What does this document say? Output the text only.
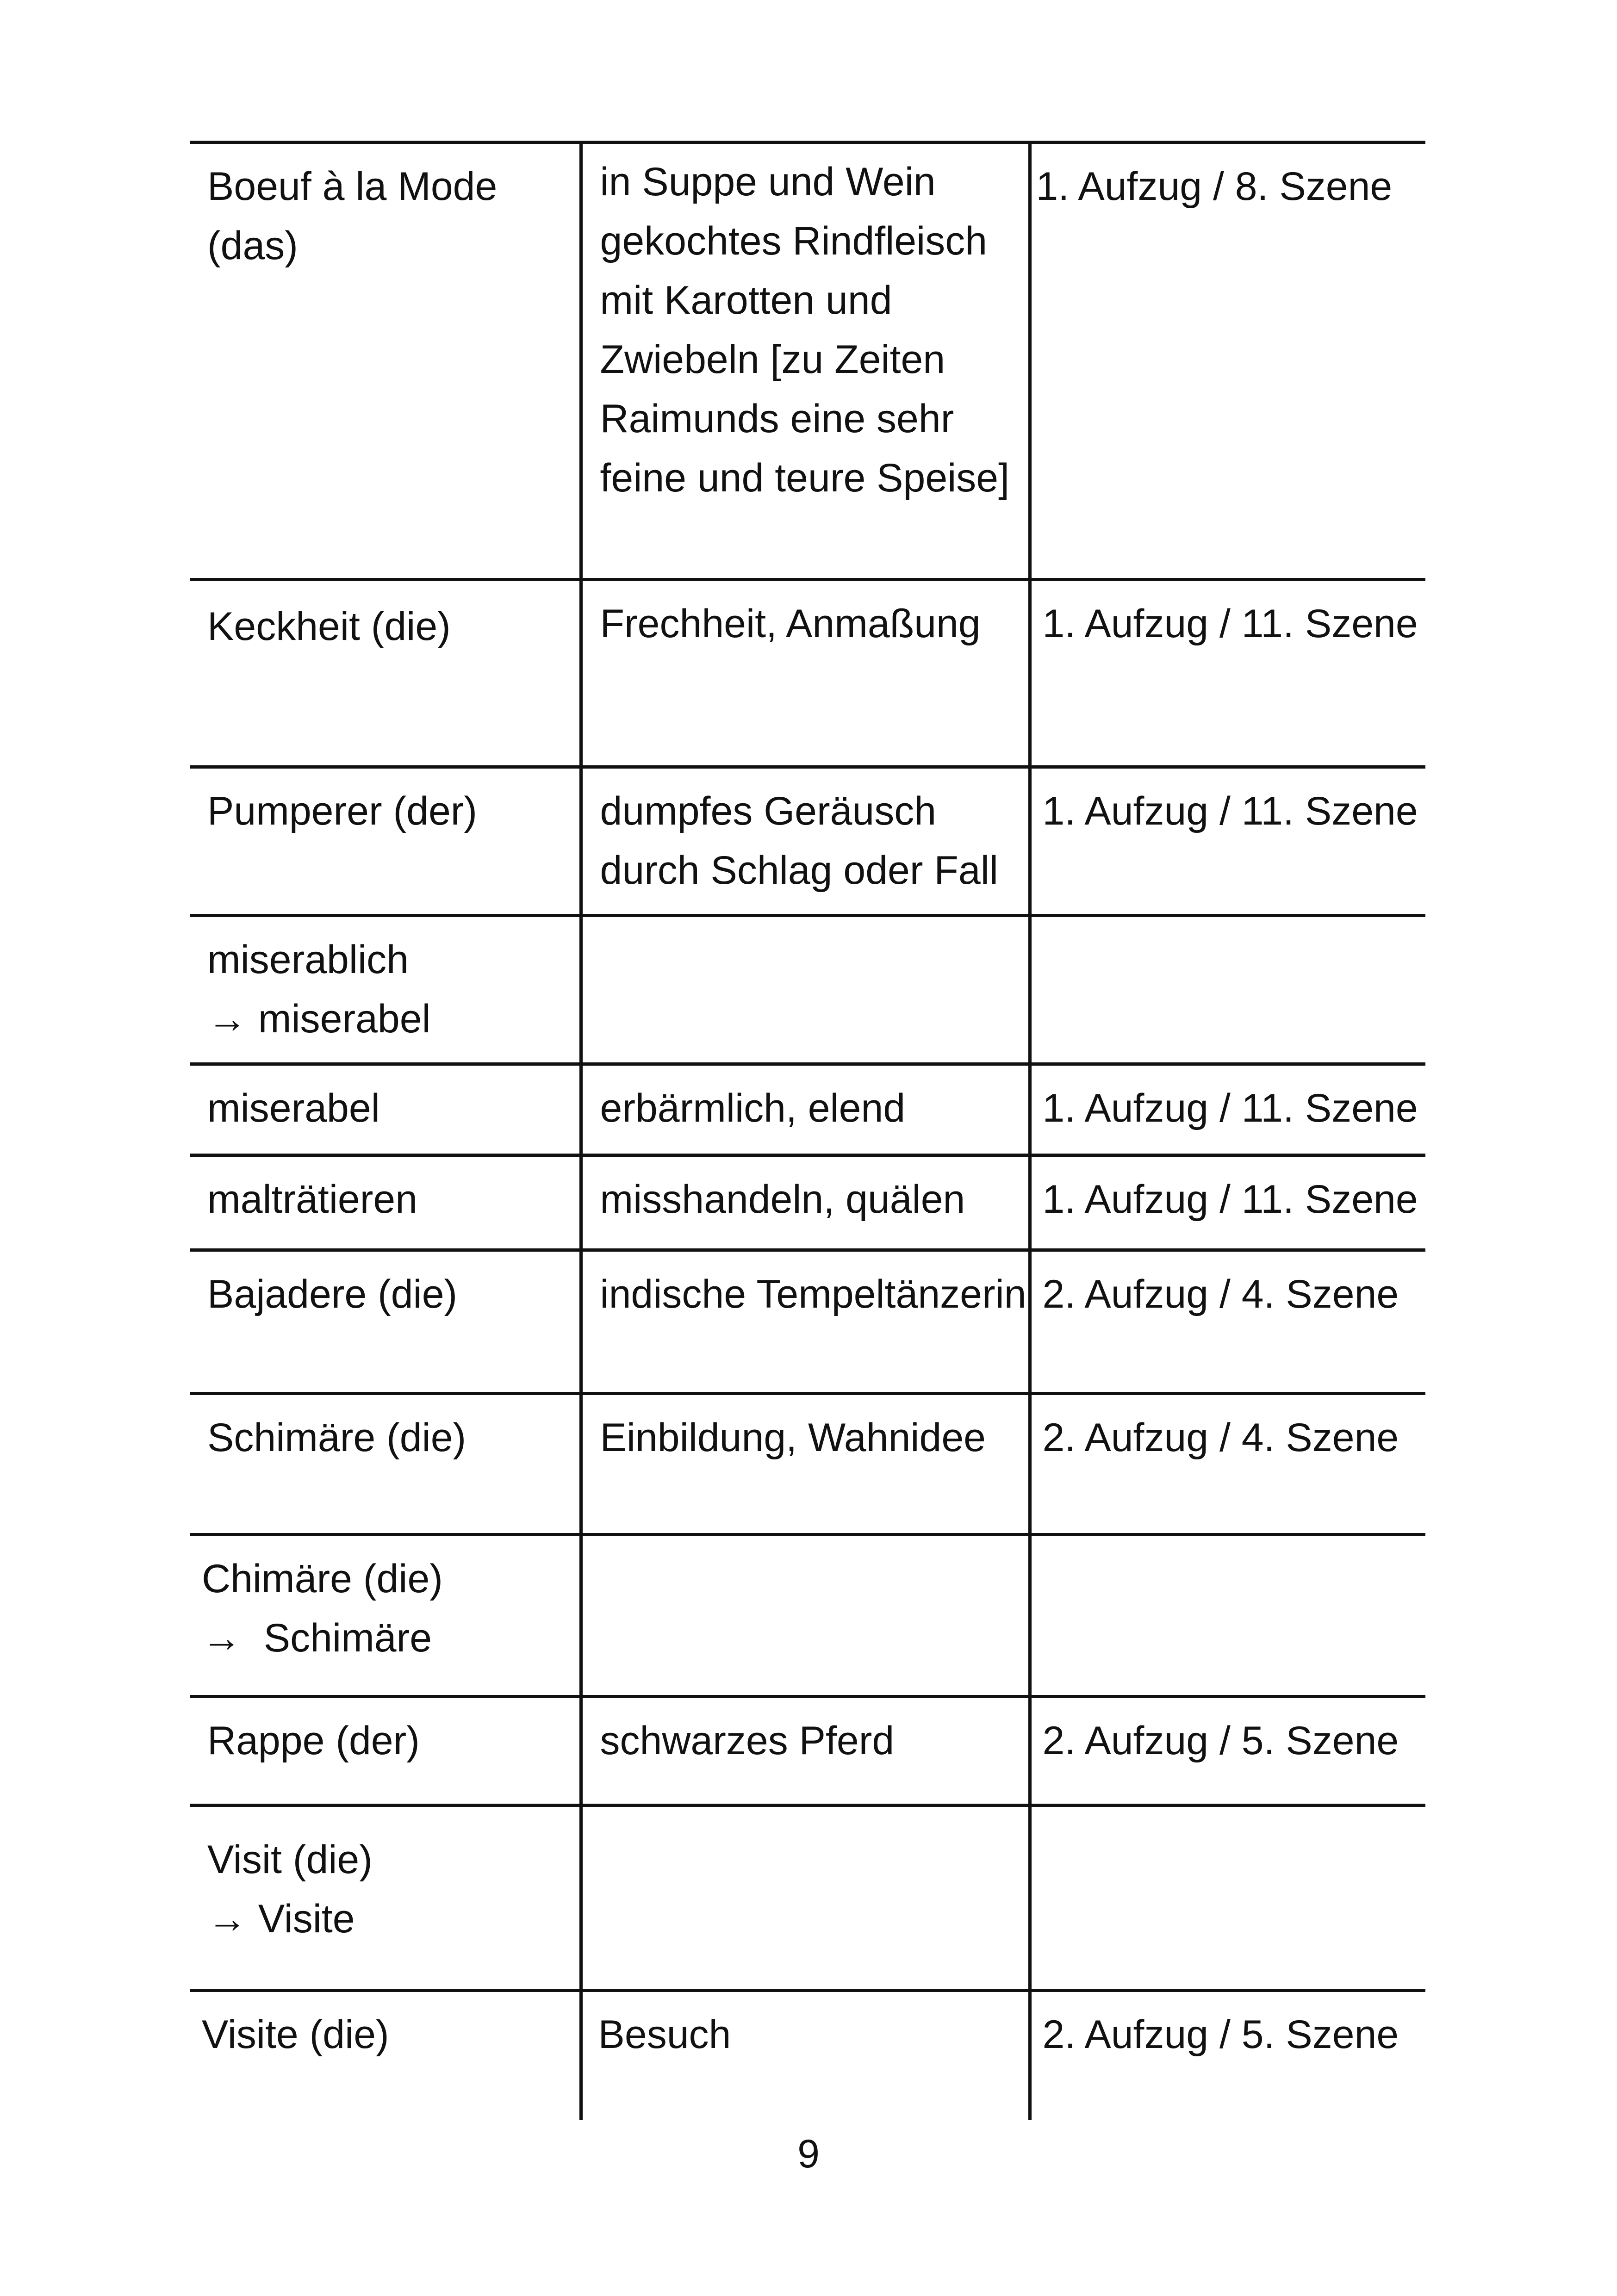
Boeuf à la Mode (das)	in Suppe und Wein gekochtes Rindfleisch mit Karotten und Zwiebeln [zu Zeiten Raimunds eine sehr feine und teure Speise]	1. Aufzug / 8. Szene
Keckheit (die)	Frechheit, Anmaßung	1. Aufzug / 11. Szene
Pumperer (der)	dumpfes Geräusch durch Schlag oder Fall	1. Aufzug / 11. Szene

miserablich
→ miserabel		

miserabel	erbärmlich, elend	1. Aufzug / 11. Szene
malträtieren	misshandeln, quälen	1. Aufzug / 11. Szene
Bajadere (die)	indische Tempeltänzerin	2. Aufzug / 4. Szene
Schimäre (die)	Einbildung, Wahnidee	2. Aufzug / 4. Szene

Chimäre (die)
→  Schimäre		

Rappe (der)	schwarzes Pferd	2. Aufzug / 5. Szene

Visit (die)
→ Visite		

Visite (die)	Besuch	2. Aufzug / 5. Szene
9
